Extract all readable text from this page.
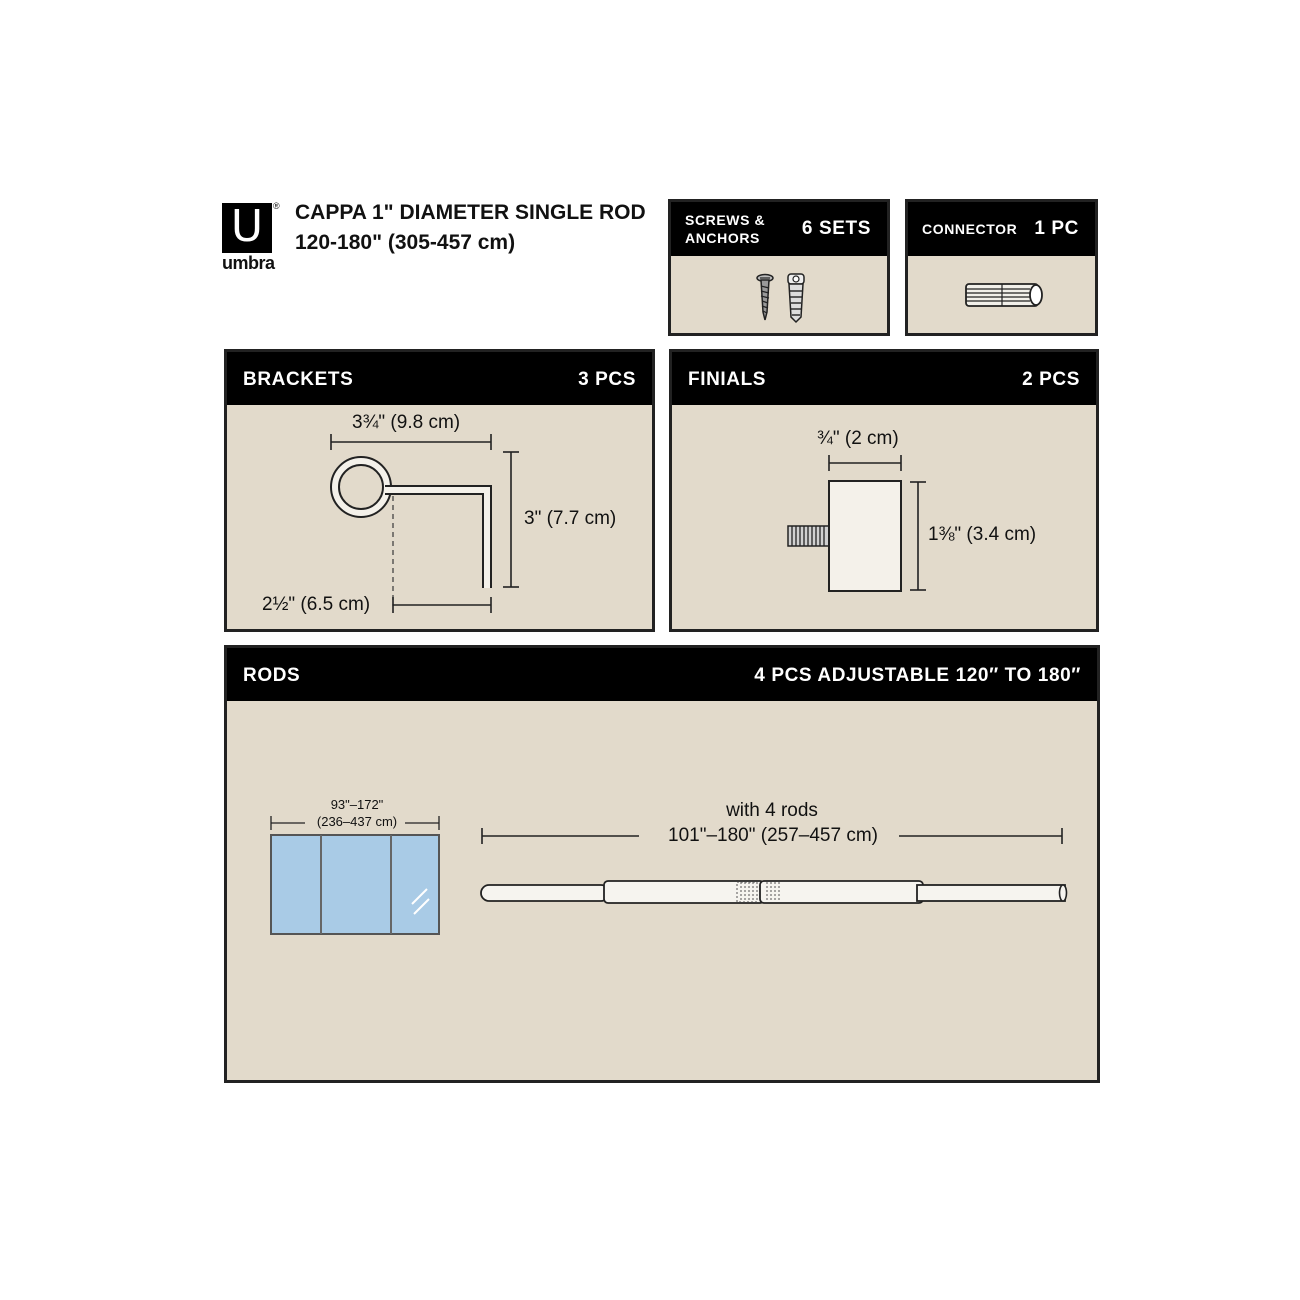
U	®
umbra
CAPPA 1" DIAMETER SINGLE ROD
120-180" (305-457 cm)
SCREWS &
ANCHORS 6 SETS	CONNECTOR 1 PC
BRACKETS	3 PCS
3¾" (9.8 cm)
3" (7.7 cm)
2½" (6.5 cm)
FINIALS	2 PCS
¾" (2 cm)
1⅜" (3.4 cm)
RODS	4 PCS ADJUSTABLE 120″ TO 180″
93"–172"
(236–437 cm)
with 4 rods
101"–180" (257–457 cm)
